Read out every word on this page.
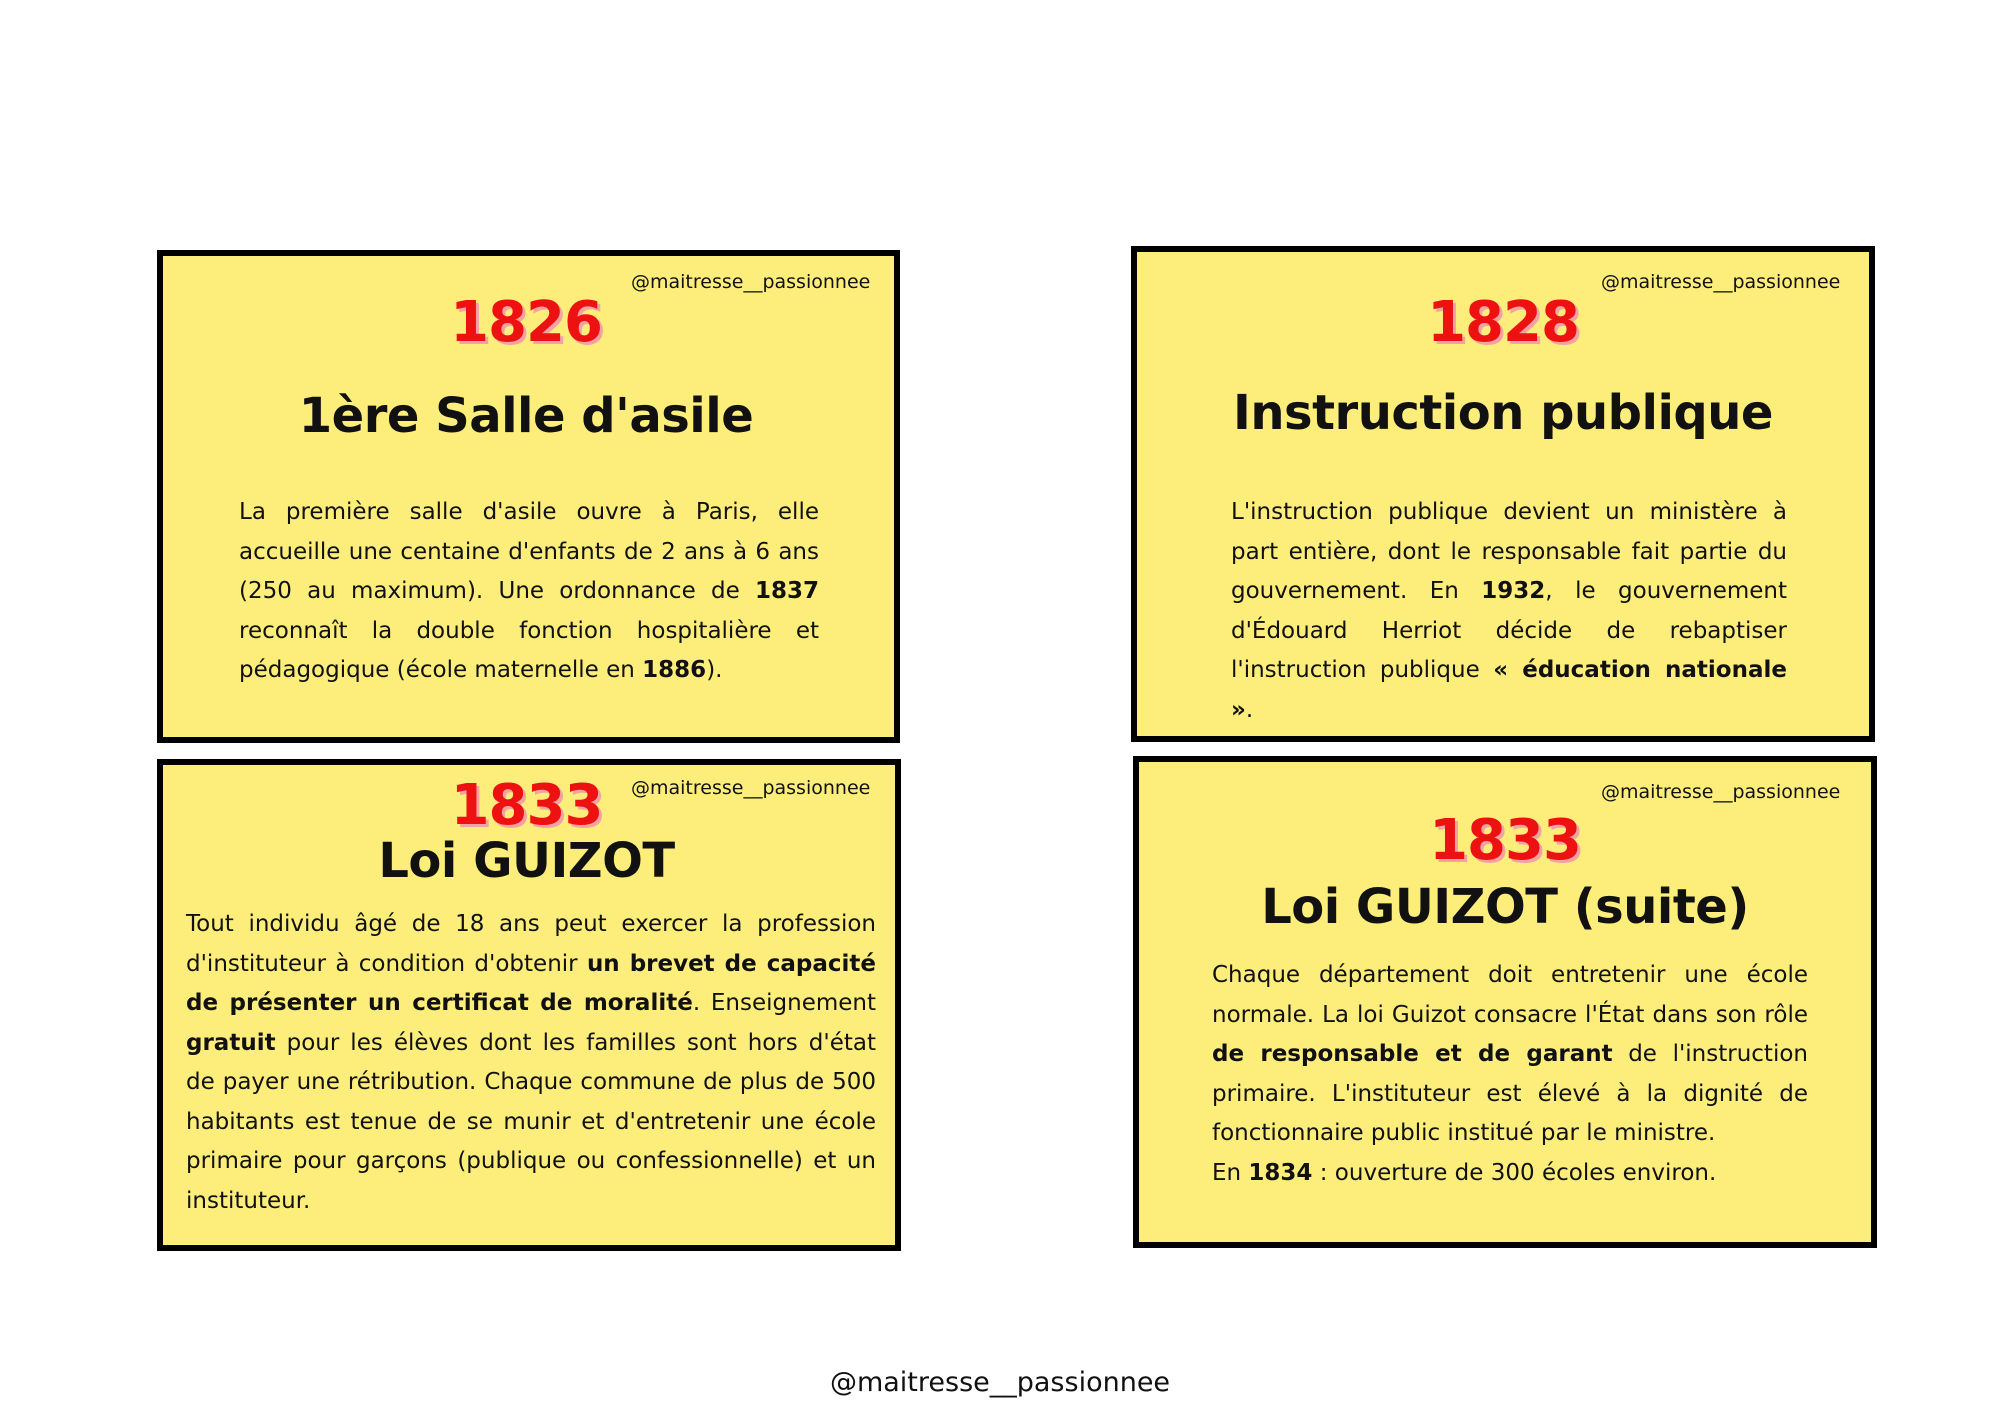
@maitresse__passionnee
1826
1ère Salle d'asile
La première salle d'asile ouvre à Paris, elle accueille une centaine d'enfants de 2 ans à 6 ans (250 au maximum). Une ordonnance de 1837 reconnaît la double fonction hospitalière et pédagogique (école maternelle en 1886).
@maitresse__passionnee
1828
Instruction publique
L'instruction publique devient un ministère à part entière, dont le responsable fait partie du gouvernement. En 1932, le gouvernement d'Édouard Herriot décide de rebaptiser l'instruction publique « éducation nationale ».
@maitresse__passionnee
1833
Loi GUIZOT
Tout individu âgé de 18 ans peut exercer la profession d'instituteur à condition d'obtenir un brevet de capacité de présenter un certificat de moralité. Enseignement gratuit pour les élèves dont les familles sont hors d'état de payer une rétribution. Chaque commune de plus de 500 habitants est tenue de se munir et d'entretenir une école primaire pour garçons (publique ou confessionnelle) et un instituteur.
@maitresse__passionnee
1833
Loi GUIZOT (suite)
Chaque département doit entretenir une école normale. La loi Guizot consacre l'État dans son rôle de responsable et de garant de l'instruction primaire. L'instituteur est élevé à la dignité de fonctionnaire public institué par le ministre.
En 1834 : ouverture de 300 écoles environ.
@maitresse__passionnee
